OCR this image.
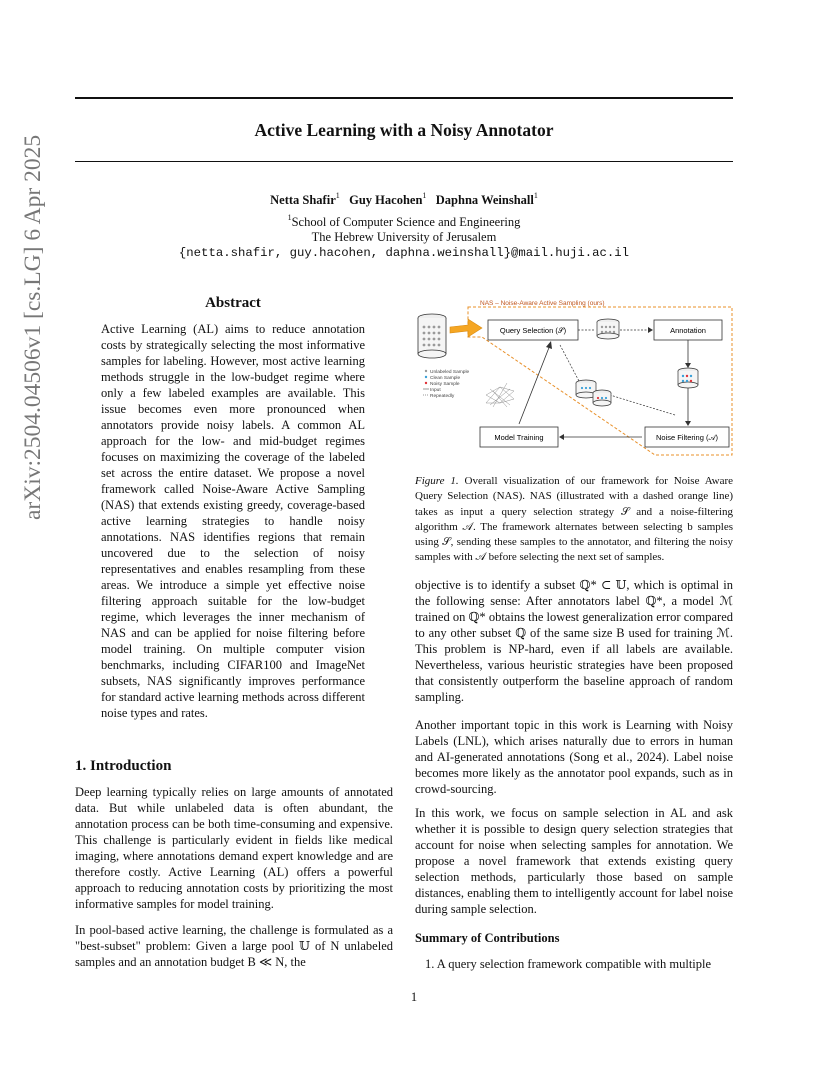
arXiv:2504.04506v1 [cs.LG] 6 Apr 2025
Active Learning with a Noisy Annotator
Netta Shafir$^1$ Guy Hacohen$^1$ Daphna Weinshall$^1$
$^1$School of Computer Science and Engineering
The Hebrew University of Jerusalem
{netta.shafir, guy.hacohen, daphna.weinshall}@mail.huji.ac.il
Abstract
Active Learning (AL) aims to reduce annotation costs by strategically selecting the most informative samples for labeling. However, most active learning methods struggle in the low-budget regime where only a few labeled examples are available. This issue becomes even more pronounced when annotators provide noisy labels. A common AL approach for the low- and mid-budget regimes focuses on maximizing the coverage of the labeled set across the entire dataset. We propose a novel framework called Noise-Aware Active Sampling (NAS) that extends existing greedy, coverage-based active learning strategies to handle noisy annotations. NAS identifies regions that remain uncovered due to the selection of noisy representatives and enables resampling from these areas. We introduce a simple yet effective noise filtering approach suitable for the low-budget regime, which leverages the inner mechanism of NAS and can be applied for noise filtering before model training. On multiple computer vision benchmarks, including CIFAR100 and ImageNet subsets, NAS significantly improves performance for standard active learning methods across different noise types and rates.
1. Introduction
Deep learning typically relies on large amounts of annotated data. But while unlabeled data is often abundant, the annotation process can be both time-consuming and expensive. This challenge is particularly evident in fields like medical imaging, where annotations demand expert knowledge and are therefore costly. Active Learning (AL) offers a powerful approach to reducing annotation costs by prioritizing the most informative samples for model training.
In pool-based active learning, the challenge is formulated as a "best-subset" problem: Given a large pool 𝕌 of N unlabeled samples and an annotation budget B ≪ N, the
NAS – Noise-Aware Active Sampling (ours)
Query Selection (𝒮)	Annotation
Noise Filtering (𝒜)
Model Training
Unlabeled Sample
Clean Sample
Noisy Sample
Input
Repeatedly
Figure 1. Overall visualization of our framework for Noise Aware Query Selection (NAS). NAS (illustrated with a dashed orange line) takes as input a query selection strategy 𝒮 and a noise-filtering algorithm 𝒜. The framework alternates between selecting b samples using 𝒮, sending these samples to the annotator, and filtering the noisy samples with 𝒜 before selecting the next set of samples.
objective is to identify a subset ℚ* ⊂ 𝕌, which is optimal in the following sense: After annotators label ℚ*, a model ℳ trained on ℚ* obtains the lowest generalization error compared to any other subset ℚ of the same size B used for training ℳ. This problem is NP-hard, even if all labels are available. Nevertheless, various heuristic strategies have been proposed that consistently outperform the baseline approach of random sampling.
Another important topic in this work is Learning with Noisy Labels (LNL), which arises naturally due to errors in human and AI-generated annotations (Song et al., 2024). Label noise becomes more likely as the annotator pool expands, such as in crowd-sourcing.
In this work, we focus on sample selection in AL and ask whether it is possible to design query selection strategies that account for noise when selecting samples for annotation. We propose a novel framework that extends existing query selection methods, particularly those based on sample distances, enabling them to intelligently account for label noise during sample selection.
Summary of Contributions
1. A query selection framework compatible with multiple
1
